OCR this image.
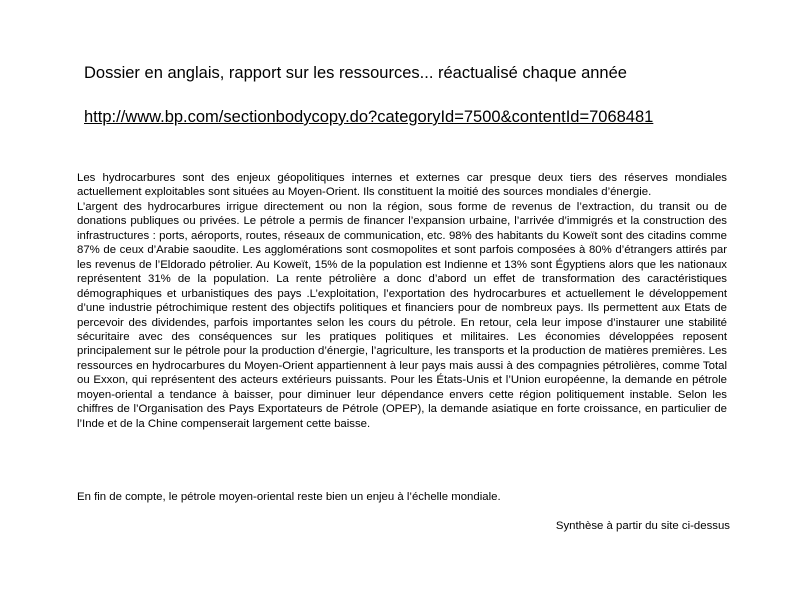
Dossier en anglais, rapport sur les ressources... réactualisé chaque année
http://www.bp.com/sectionbodycopy.do?categoryId=7500&contentId=7068481

Les hydrocarbures sont des enjeux géopolitiques internes et externes car presque deux tiers des réserves mondiales actuellement exploitables sont situées au Moyen-Orient. Ils constituent la moitié des sources mondiales d’énergie.

L’argent des hydrocarbures irrigue directement ou non la région, sous forme de revenus de l’extraction, du transit ou de donations publiques ou privées. Le pétrole a permis de financer l’expansion urbaine, l’arrivée d’immigrés et la construction des infrastructures : ports, aéroports, routes, réseaux de communication, etc. 98% des habitants du Koweït sont des citadins comme 87% de ceux d’Arabie saoudite. Les agglomérations sont cosmopolites et sont parfois composées à 80% d’étrangers attirés par les revenus de l’Eldorado pétrolier. Au Koweït, 15% de la population est Indienne et 13% sont Égyptiens alors que les nationaux représentent 31% de la population. La rente pétrolière a donc d’abord un effet de transformation des caractéristiques démographiques et urbanistiques des pays .L’exploitation, l’exportation des hydrocarbures et actuellement le développement d’une industrie pétrochimique restent des objectifs politiques et financiers pour de nombreux pays. Ils permettent aux Etats de percevoir des dividendes, parfois importantes selon les cours du pétrole. En retour, cela leur impose d’instaurer une stabilité sécuritaire avec des conséquences sur les pratiques politiques et militaires. Les économies développées reposent principalement sur le pétrole pour la production d’énergie, l’agriculture, les transports et la production de matières premières. Les ressources en hydrocarbures du Moyen-Orient appartiennent à leur pays mais aussi à des compagnies pétrolières, comme Total ou Exxon, qui représentent des acteurs extérieurs puissants. Pour les États-Unis et l’Union européenne, la demande en pétrole moyen-oriental a tendance à baisser, pour diminuer leur dépendance envers cette région politiquement instable. Selon les chiffres de l’Organisation des Pays Exportateurs de Pétrole (OPEP), la demande asiatique en forte croissance, en particulier de l’Inde et de la Chine compenserait largement cette baisse.

En fin de compte, le pétrole moyen-oriental reste bien un enjeu à l’échelle mondiale.
Synthèse à partir du site ci-dessus
